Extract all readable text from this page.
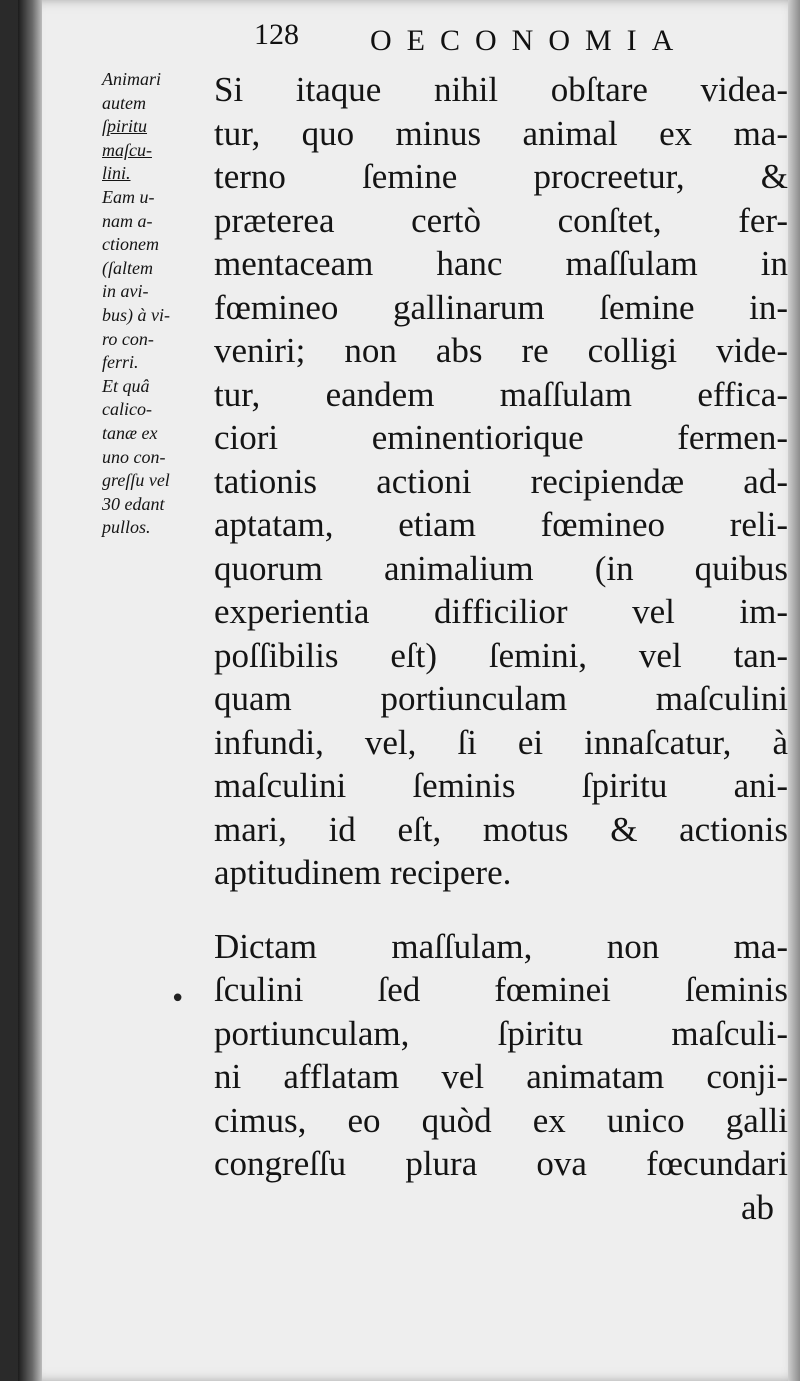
128 OECONOMIA
Animari
autem
ſpiritu
maſcu-
lini.
Eam u-
nam a-
ctionem
(ſaltem
in avi-
bus) à vi-
ro con-
ferri.
Et quâ
calico-
tanæ ex
uno con-
greſſu vel
30 edant
pullos.
•
Si itaque nihil obſtare videa-
tur, quo minus animal ex ma-
terno ſemine procreetur, &
præterea certò conſtet, fer-
mentaceam hanc maſſulam in
fœmineo gallinarum ſemine in-
veniri; non abs re colligi vide-
tur, eandem maſſulam effica-
ciori eminentiorique fermen-
tationis actioni recipiendæ ad-
aptatam, etiam fœmineo reli-
quorum animalium (in quibus
experientia difficilior vel im-
poſſibilis eſt) ſemini, vel tan-
quam portiunculam maſculini
infundi, vel, ſi ei innaſcatur, à
maſculini ſeminis ſpiritu ani-
mari, id eſt, motus & actionis
aptitudinem recipere.
Dictam maſſulam, non ma-
ſculini ſed fœminei ſeminis
portiunculam, ſpiritu maſculi-
ni afflatam vel animatam conji-
cimus, eo quòd ex unico galli
congreſſu plura ova fœcundari
ab
